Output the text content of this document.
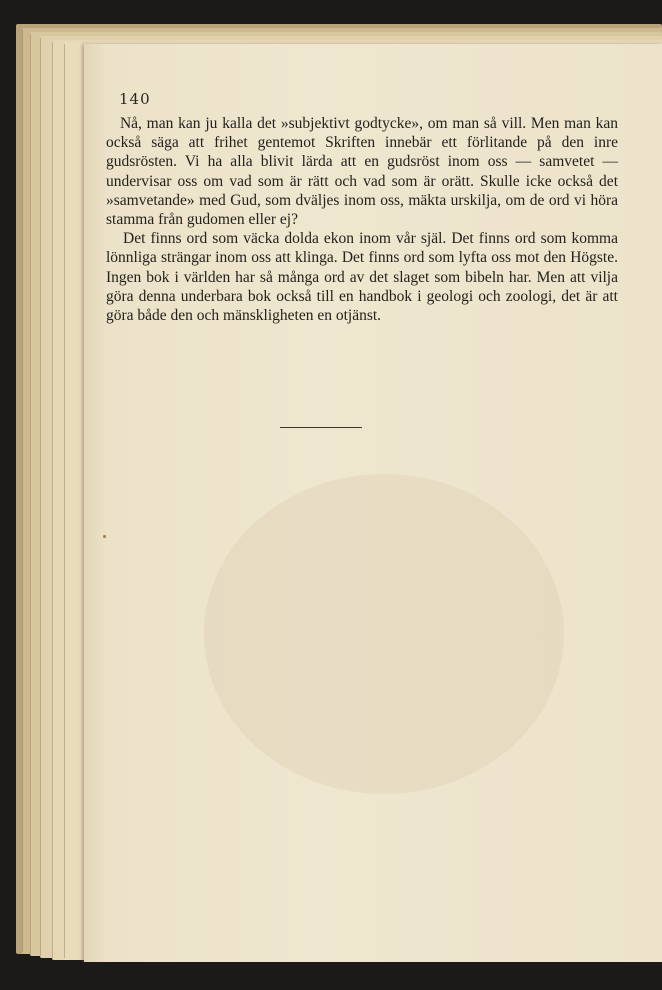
140

Nå, man kan ju kalla det »subjektivt godtycke», om man så vill. Men man kan också säga att frihet gentemot Skriften innebär ett förlitande på den inre gudsrösten. Vi ha alla blivit lärda att en gudsröst inom oss — samvetet — undervisar oss om vad som är rätt och vad som är orätt. Skulle icke också det »samvetande» med Gud, som dväljes inom oss, mäkta urskilja, om de ord vi höra stamma från gudomen eller ej?

Det finns ord som väcka dolda ekon inom vår själ. Det finns ord som komma lönnliga strängar inom oss att klinga. Det finns ord som lyfta oss mot den Högste. Ingen bok i världen har så många ord av det slaget som bibeln har. Men att vilja göra denna underbara bok också till en handbok i geologi och zoologi, det är att göra både den och mänskligheten en otjänst.
